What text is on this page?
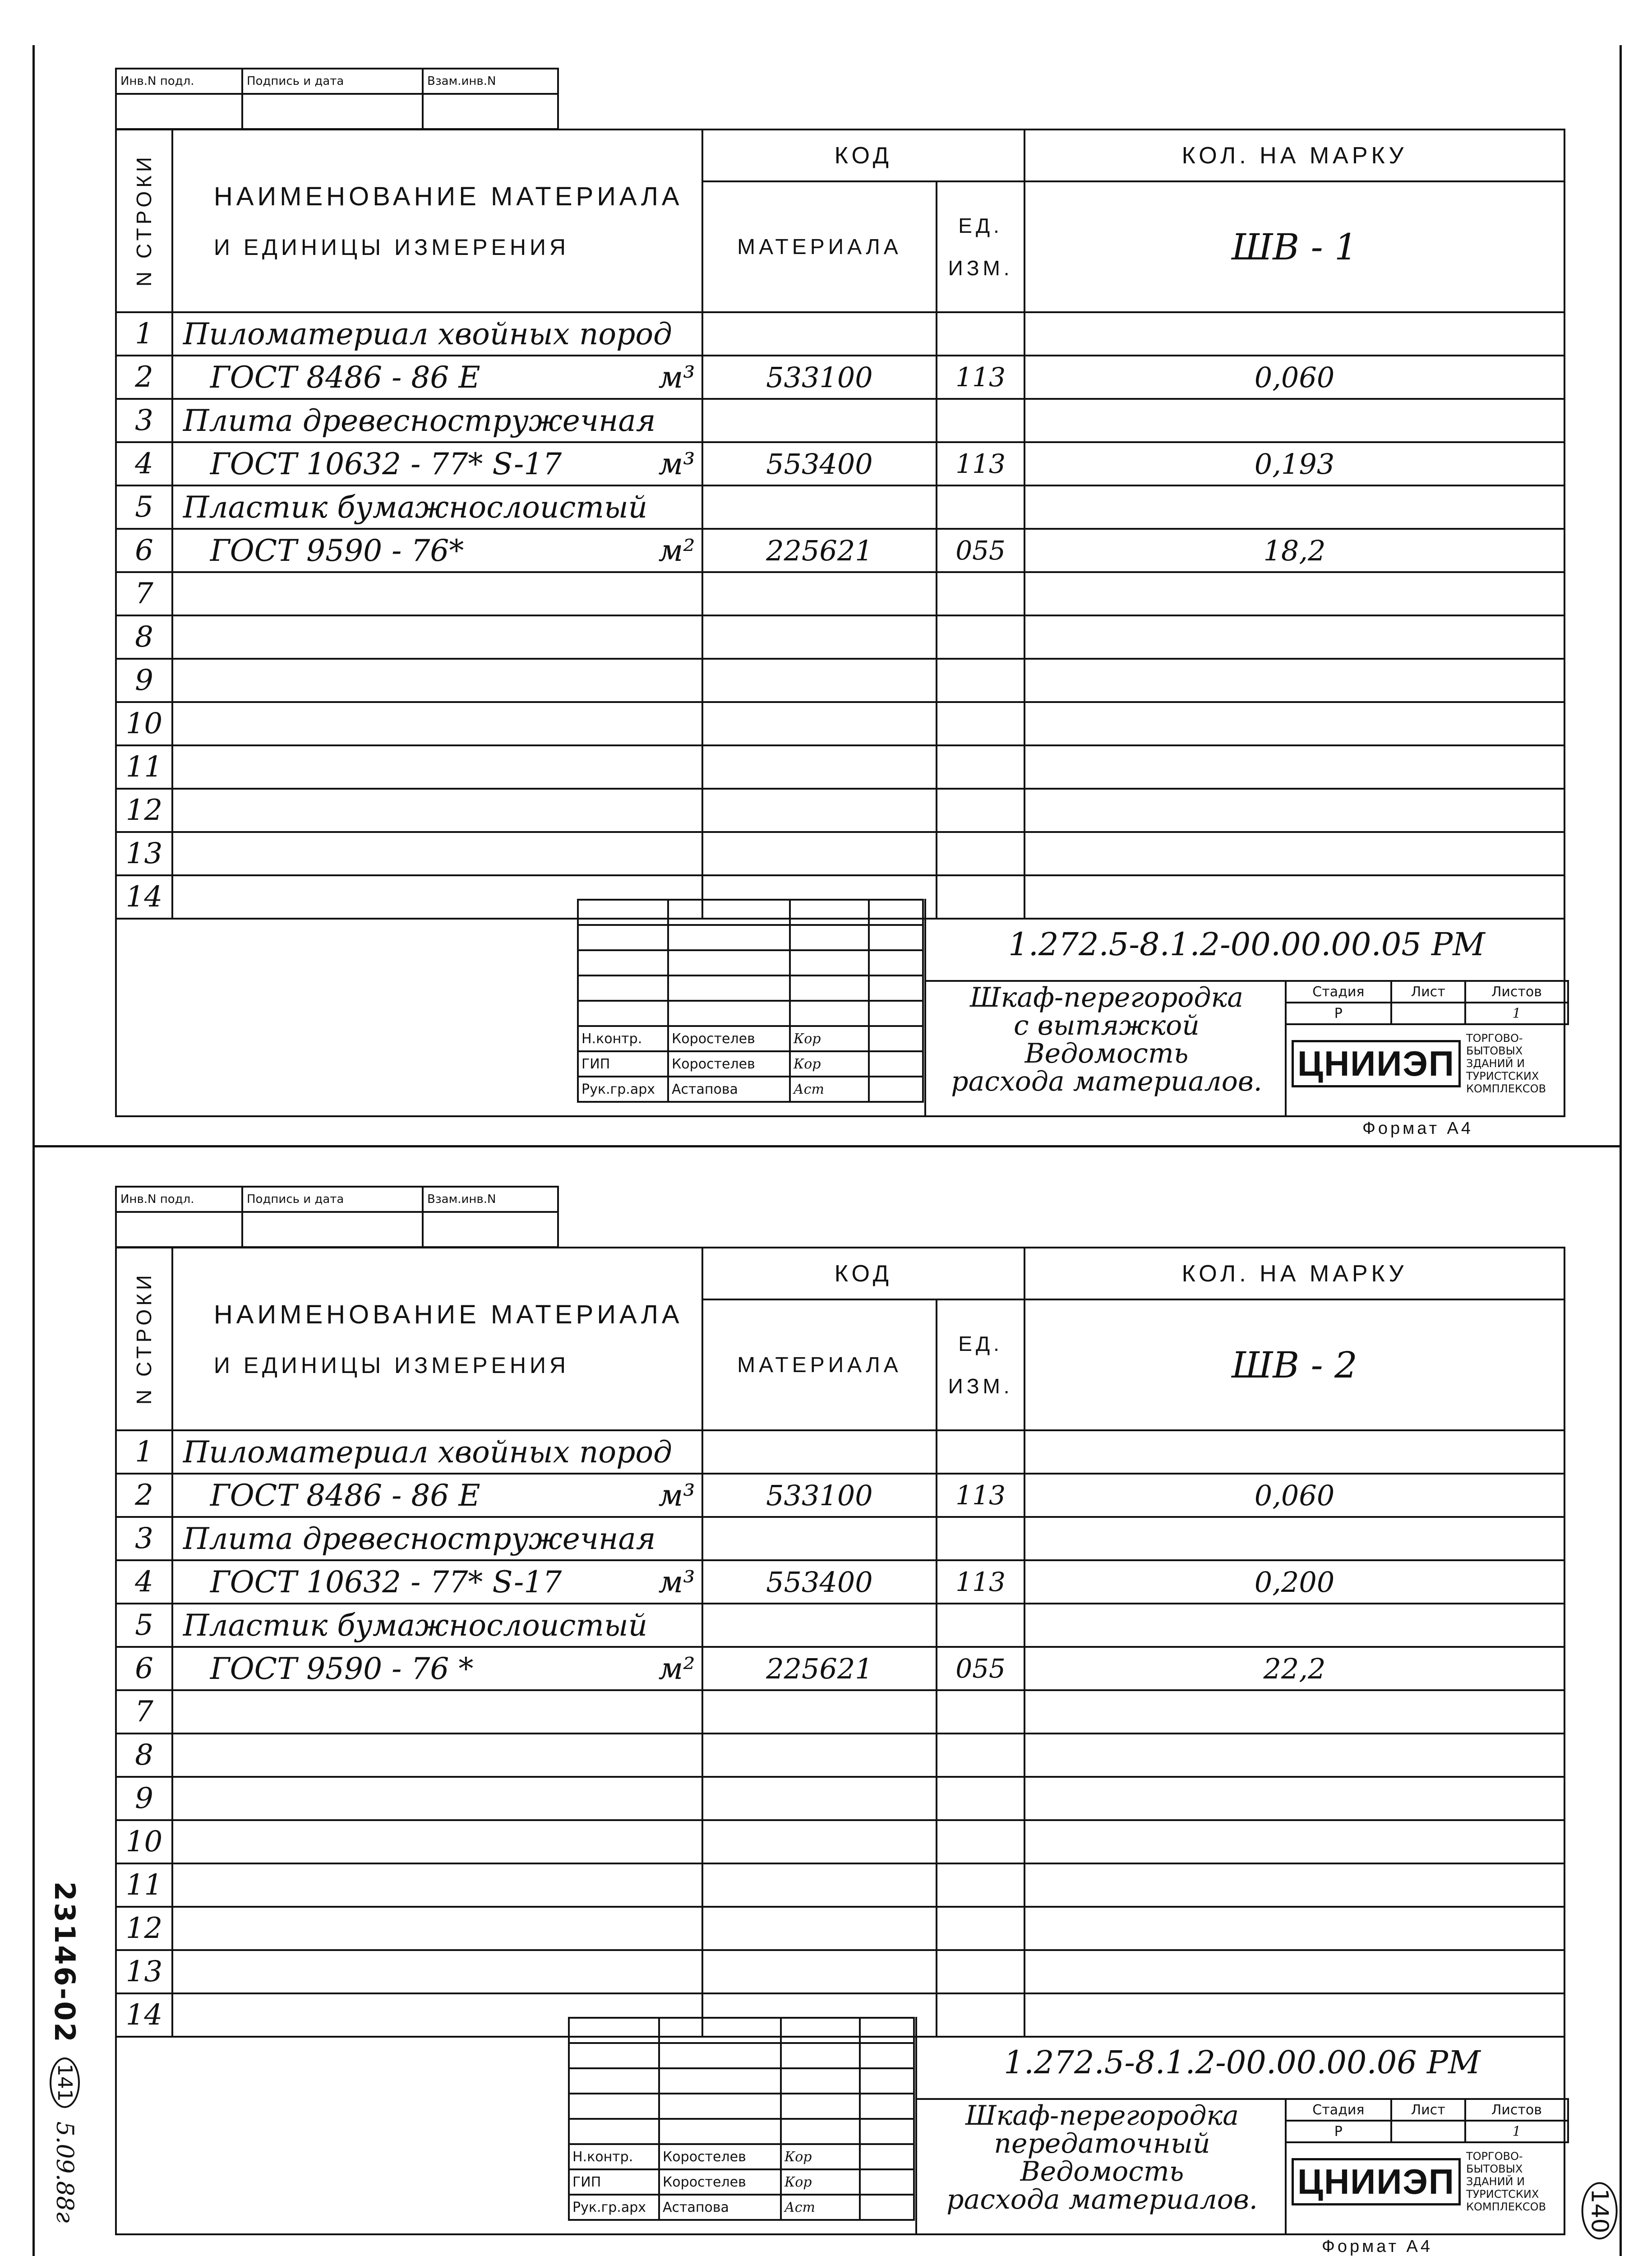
Инв.N подл.	Подпись и дата	Взам.инв.N

N СТРОКИ	НАИМЕНОВАНИЕ МАТЕРИАЛА
И ЕДИНИЦЫ ИЗМЕРЕНИЯ	КОД		КОЛ. НА МАРКУ
		МАТЕРИАЛА	ЕД.
ИЗМ.	ШВ - 1
1	Пиломатериал хвойных пород

2	ГОСТ 8486 - 86 Е м³	533100	113	0,060
3	Плита древесностружечная

4	ГОСТ 10632 - 77* S-17 м³	553400	113	0,193
5	Пластик бумажнослоистый

6	ГОСТ 9590 - 76* м²	225621	055	18,2
7	

8	

9	

10	

11	

12	

13	

14	

Н.контр.	Коростелев	Кор	
ГИП	Коростелев	Кор	
Рук.гр.арх	Астапова	Аст	
1.272.5-8.1.2-00.00.00.05 РМ
Шкаф-перегородка
с вытяжкой
Ведомость
расхода материалов.
Стадия	Лист	Листов
Р		1
ЦНИИЭП
ТОРГОВО-БЫТОВЫХ
ЗДАНИЙ И
ТУРИСТСКИХ
КОМПЛЕКСОВ
Формат А4
Инв.N подл.	Подпись и дата	Взам.инв.N

N СТРОКИ	НАИМЕНОВАНИЕ МАТЕРИАЛА
И ЕДИНИЦЫ ИЗМЕРЕНИЯ	КОД		КОЛ. НА МАРКУ
		МАТЕРИАЛА	ЕД.
ИЗМ.	ШВ - 2
1	Пиломатериал хвойных пород

2	ГОСТ 8486 - 86 Е м³	533100	113	0,060
3	Плита древесностружечная

4	ГОСТ 10632 - 77* S-17 м³	553400	113	0,200
5	Пластик бумажнослоистый

6	ГОСТ 9590 - 76 * м²	225621	055	22,2
7	

8	

9	

10	

11	

12	

13	

14	

Н.контр.	Коростелев	Кор	
ГИП	Коростелев	Кор	
Рук.гр.арх	Астапова	Аст	
1.272.5-8.1.2-00.00.00.06 РМ
Шкаф-перегородка
передаточный
Ведомость
расхода материалов.
Стадия	Лист	Листов
Р		1
ЦНИИЭП
ТОРГОВО-БЫТОВЫХ
ЗДАНИЙ И
ТУРИСТСКИХ
КОМПЛЕКСОВ
Формат А4
23146-02
141
5.09.88г	140
